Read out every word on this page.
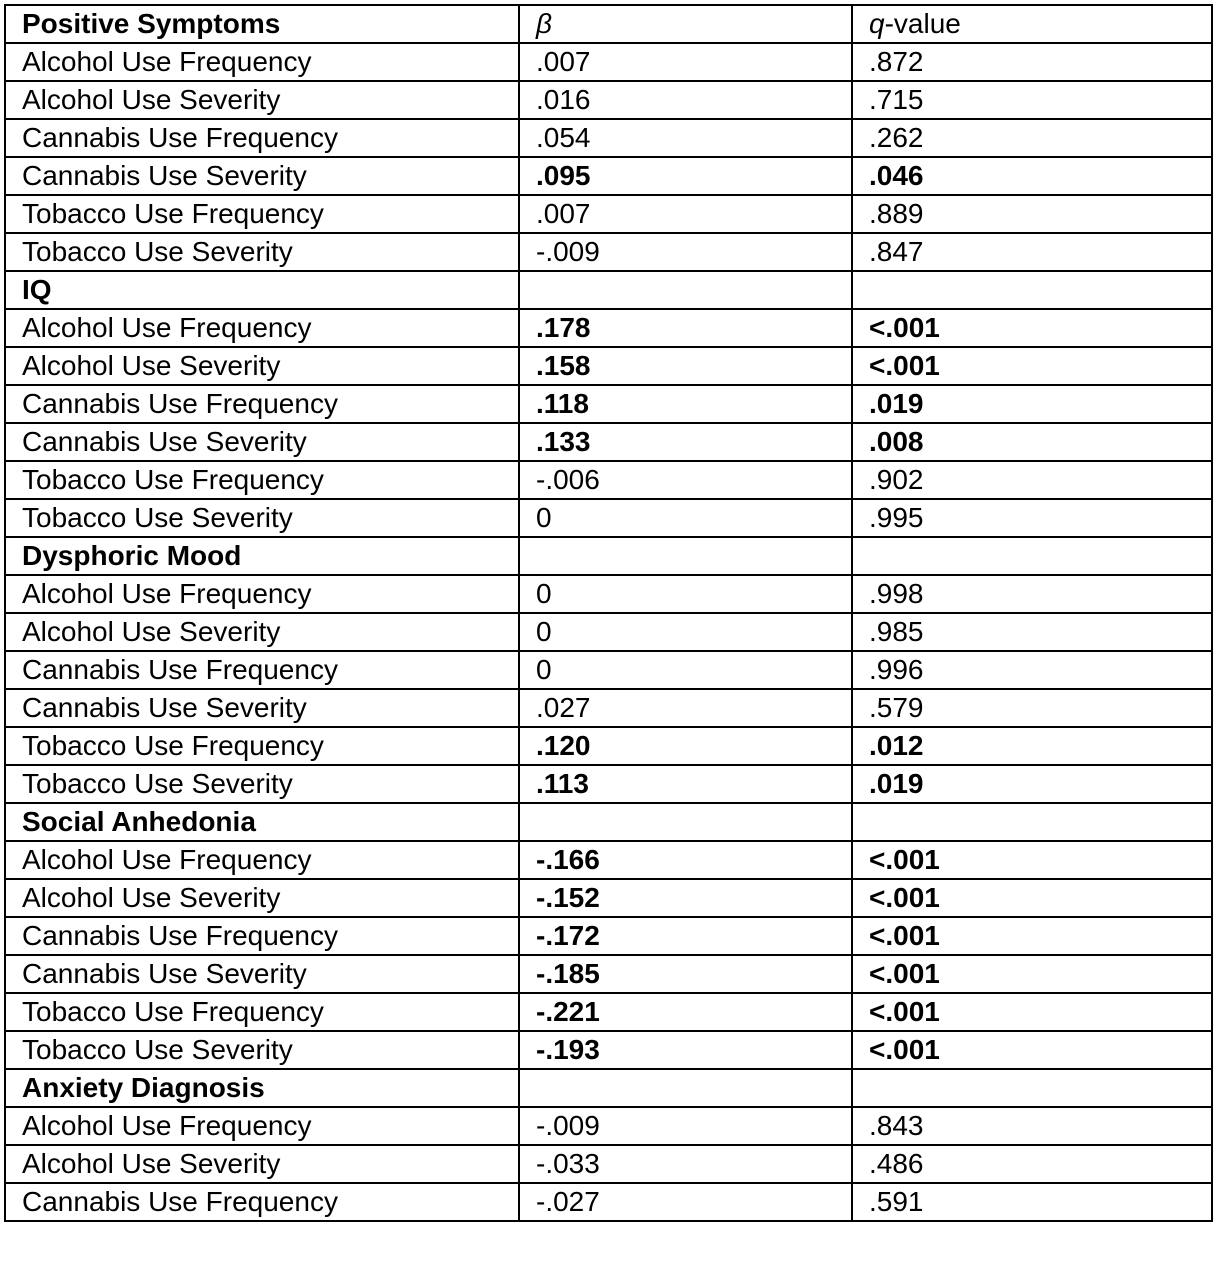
Positive Symptoms	β	q-value
Alcohol Use Frequency	.007	.872
Alcohol Use Severity	.016	.715
Cannabis Use Frequency	.054	.262
Cannabis Use Severity	.095	.046
Tobacco Use Frequency	.007	.889
Tobacco Use Severity	-.009	.847
IQ		
Alcohol Use Frequency	.178	<.001
Alcohol Use Severity	.158	<.001
Cannabis Use Frequency	.118	.019
Cannabis Use Severity	.133	.008
Tobacco Use Frequency	-.006	.902
Tobacco Use Severity	0	.995
Dysphoric Mood		
Alcohol Use Frequency	0	.998
Alcohol Use Severity	0	.985
Cannabis Use Frequency	0	.996
Cannabis Use Severity	.027	.579
Tobacco Use Frequency	.120	.012
Tobacco Use Severity	.113	.019
Social Anhedonia		
Alcohol Use Frequency	-.166	<.001
Alcohol Use Severity	-.152	<.001
Cannabis Use Frequency	-.172	<.001
Cannabis Use Severity	-.185	<.001
Tobacco Use Frequency	-.221	<.001
Tobacco Use Severity	-.193	<.001
Anxiety Diagnosis		
Alcohol Use Frequency	-.009	.843
Alcohol Use Severity	-.033	.486
Cannabis Use Frequency	-.027	.591
